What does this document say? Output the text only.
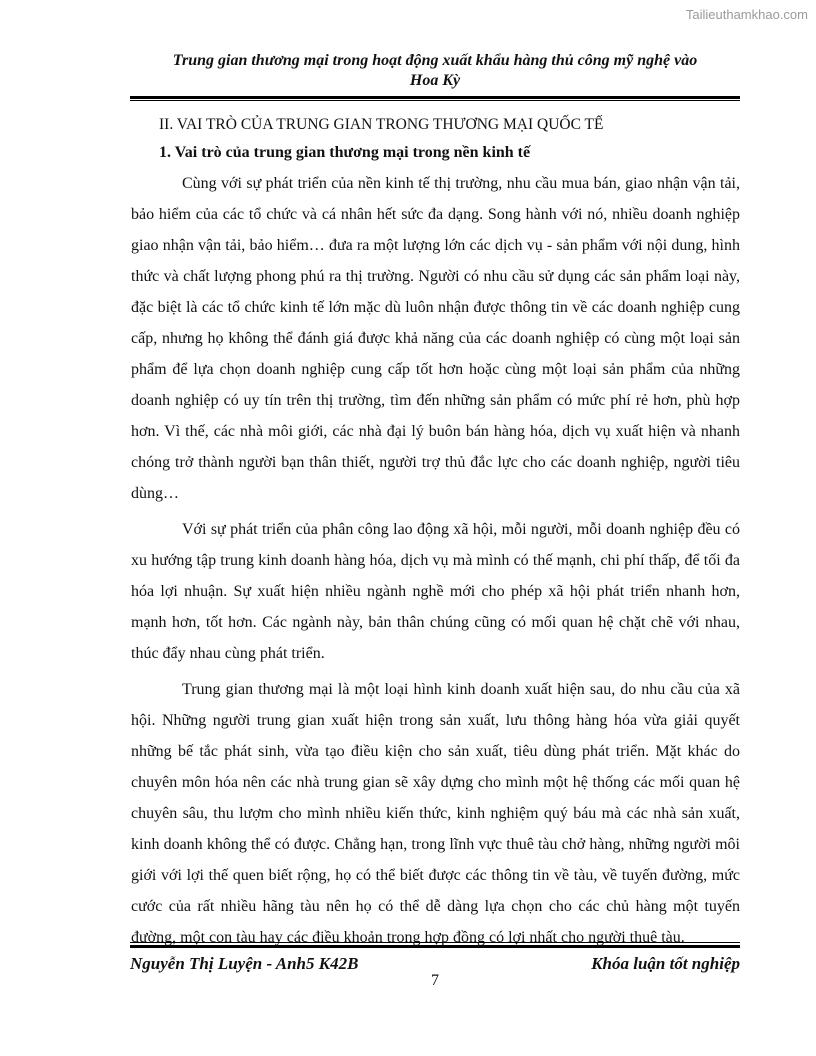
Tailieuthamkhao.com
Trung gian thương mại trong hoạt động xuất khẩu hàng thủ công mỹ nghệ vào
Hoa Kỳ
II. VAI TRÒ CỦA TRUNG GIAN TRONG THƯƠNG MẠI QUỐC TẾ
1. Vai trò của trung gian thương mại trong nền kinh tế

Cùng với sự phát triển của nền kinh tế thị trường, nhu cầu mua bán, giao nhận vận tải, bảo hiểm của các tổ chức và cá nhân hết sức đa dạng. Song hành với nó, nhiều doanh nghiệp giao nhận vận tải, bảo hiểm… đưa ra một lượng lớn các dịch vụ - sản phẩm với nội dung, hình thức và chất lượng phong phú ra thị trường. Người có nhu cầu sử dụng các sản phẩm loại này, đặc biệt là các tổ chức kinh tế lớn mặc dù luôn nhận được thông tin về các doanh nghiệp cung cấp, nhưng họ không thể đánh giá được khả năng của các doanh nghiệp có cùng một loại sản phẩm để lựa chọn doanh nghiệp cung cấp tốt hơn hoặc cùng một loại sản phẩm của những doanh nghiệp có uy tín trên thị trường, tìm đến những sản phẩm có mức phí rẻ hơn, phù hợp hơn. Vì thế, các nhà môi giới, các nhà đại lý buôn bán hàng hóa, dịch vụ xuất hiện và nhanh chóng trở thành người bạn thân thiết, người trợ thủ đắc lực cho các doanh nghiệp, người tiêu dùng…

Với sự phát triển của phân công lao động xã hội, mỗi người, mỗi doanh nghiệp đều có xu hướng tập trung kinh doanh hàng hóa, dịch vụ mà mình có thế mạnh, chi phí thấp, để tối đa hóa lợi nhuận. Sự xuất hiện nhiều ngành nghề mới cho phép xã hội phát triển nhanh hơn, mạnh hơn, tốt hơn. Các ngành này, bản thân chúng cũng có mối quan hệ chặt chẽ với nhau, thúc đẩy nhau cùng phát triển.

Trung gian thương mại là một loại hình kinh doanh xuất hiện sau, do nhu cầu của xã hội. Những người trung gian xuất hiện trong sản xuất, lưu thông hàng hóa vừa giải quyết những bế tắc phát sinh, vừa tạo điều kiện cho sản xuất, tiêu dùng phát triển. Mặt khác do chuyên môn hóa nên các nhà trung gian sẽ xây dựng cho mình một hệ thống các mối quan hệ chuyên sâu, thu lượm cho mình nhiều kiến thức, kinh nghiệm quý báu mà các nhà sản xuất, kinh doanh không thể có được. Chẳng hạn, trong lĩnh vực thuê tàu chở hàng, những người môi giới với lợi thế quen biết rộng, họ có thể biết được các thông tin về tàu, về tuyến đường, mức cước của rất nhiều hãng tàu nên họ có thể dễ dàng lựa chọn cho các chủ hàng một tuyến đường, một con tàu hay các điều khoản trong hợp đồng có lợi nhất cho người thuê tàu.

Nguyễn Thị Luyện - Anh5 K42B	Khóa luận tốt nghiệp
7
